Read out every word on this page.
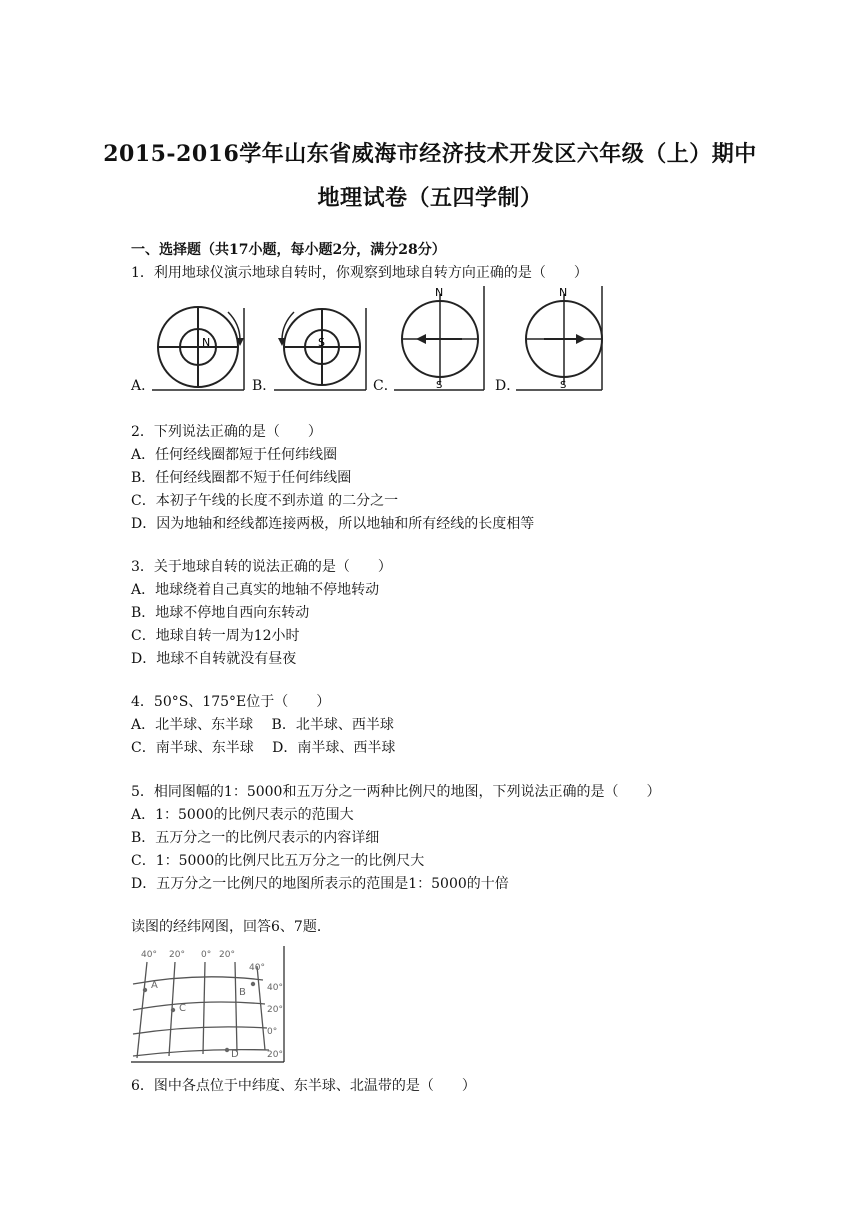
2015-2016学年山东省威海市经济技术开发区六年级（上）期中
地理试卷（五四学制）
一、选择题（共17小题，每小题2分，满分28分）
1．利用地球仪演示地球自转时，你观察到地球自转方向正确的是（　　）
A．
N
B．
S
C．
N
S	D．
N
S
2．下列说法正确的是（　　）
A．任何经线圈都短于任何纬线圈
B．任何经线圈都不短于任何纬线圈
C．本初子午线的长度不到赤道 的二分之一
D．因为地轴和经线都连接两极，所以地轴和所有经线的长度相等
3．关于地球自转的说法正确的是（　　）
A．地球绕着自己真实的地轴不停地转动
B．地球不停地自西向东转动
C．地球自转一周为12小时
D．地球不自转就没有昼夜
4．50°S、175°E位于（　　）
A．北半球、东半球　 B．北半球、西半球
C．南半球、东半球　 D．南半球、西半球
5．相同图幅的1：5000和五万分之一两种比例尺的地图，下列说法正确的是（　　）
A．1：5000的比例尺表示的范围大
B．五万分之一的比例尺表示的内容详细
C．1：5000的比例尺比五万分之一的比例尺大
D．五万分之一比例尺的地图所表示的范围是1：5000的十倍
读图的经纬网图，回答6、7题．
40° 20° 0° 20°
40°
40°
20°
0°
20°
A
B
C
D
6．图中各点位于中纬度、东半球、北温带的是（　　）
